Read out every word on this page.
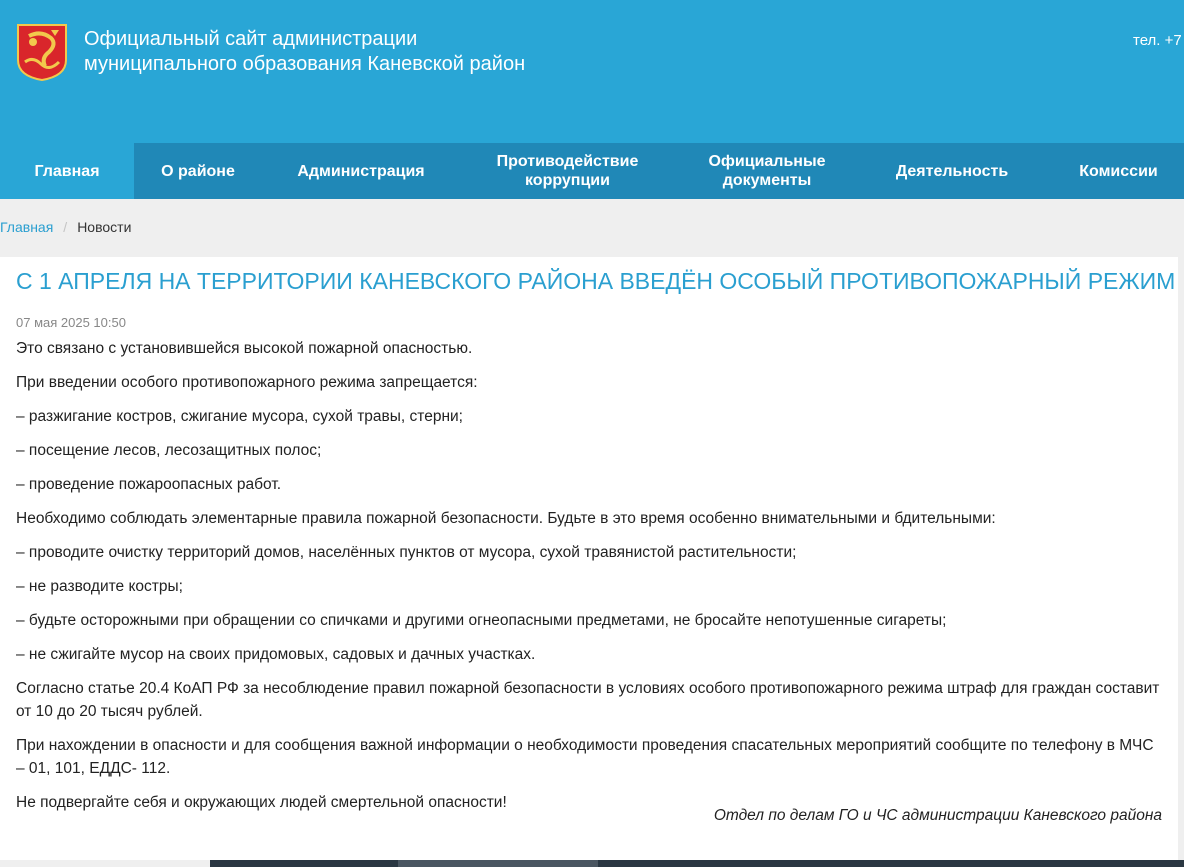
Официальный сайт администрации
муниципального образования Каневской район
тел. +7
Главная	О районе	Администрация
Противодействие коррупции
Официальные документы
Деятельность	Комиссии
Главная / Новости
С 1 АПРЕЛЯ НА ТЕРРИТОРИИ КАНЕВСКОГО РАЙОНА ВВЕДЁН ОСОБЫЙ ПРОТИВОПОЖАРНЫЙ РЕЖИМ
07 мая 2025 10:50

Это связано с установившейся высокой пожарной опасностью.

При введении особого противопожарного режима запрещается:

– разжигание костров, сжигание мусора, сухой травы, стерни;

– посещение лесов, лесозащитных полос;

– проведение пожароопасных работ.

Необходимо соблюдать элементарные правила пожарной безопасности. Будьте в это время особенно внимательными и бдительными:

– проводите очистку территорий домов, населённых пунктов от мусора, сухой травянистой растительности;

– не разводите костры;

– будьте осторожными при обращении со спичками и другими огнеопасными предметами, не бросайте непотушенные сигареты;

– не сжигайте мусор на своих придомовых, садовых и дачных участках.

Согласно статье 20.4 КоАП РФ за несоблюдение правил пожарной безопасности в условиях особого противопожарного режима штраф для граждан составит от 10 до 20 тысяч рублей.

При нахождении в опасности и для сообщения важной информации о необходимости проведения спасательных мероприятий сообщите по телефону в МЧС – 01, 101, ЕДДС- 112.

Не подвергайте себя и окружающих людей смертельной опасности!

Отдел по делам ГО и ЧС администрации Каневского района
